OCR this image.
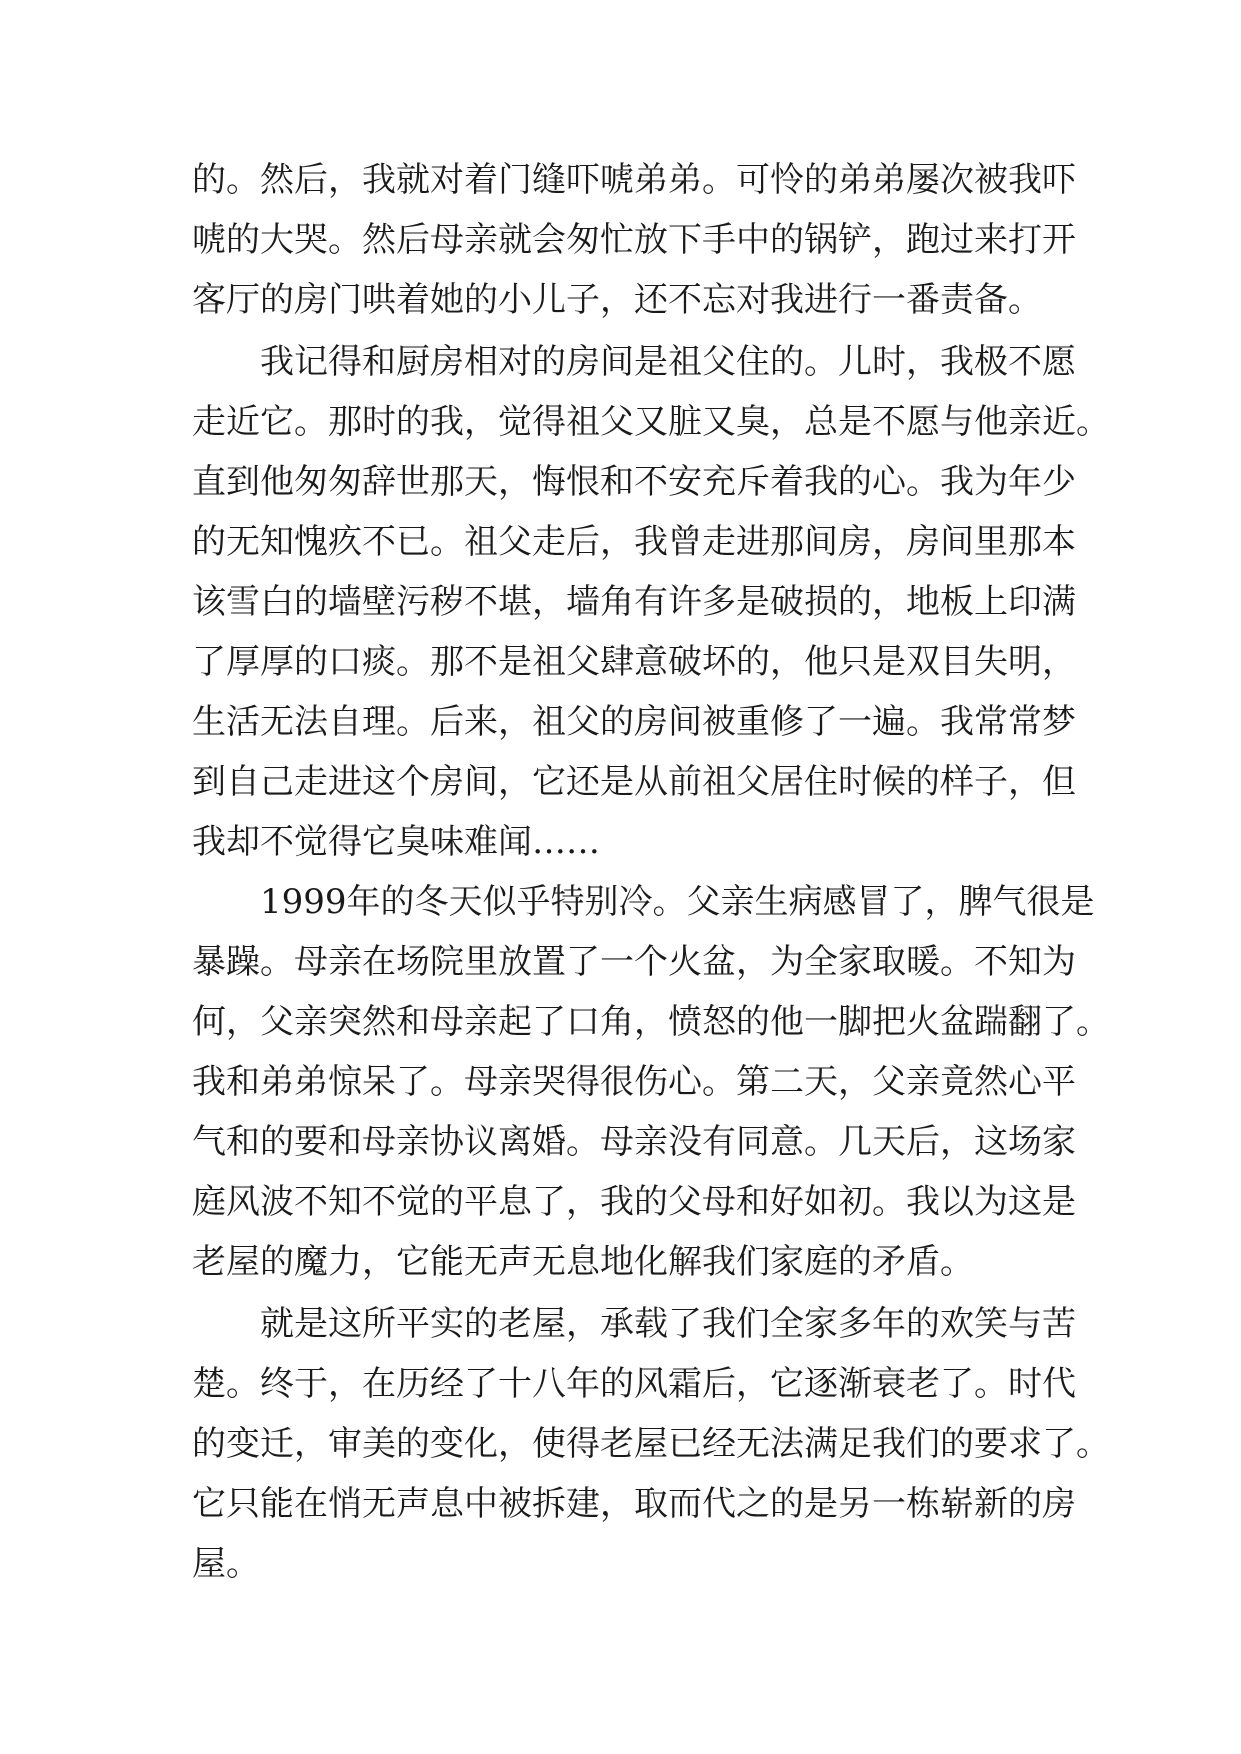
的。然后，我就对着门缝吓唬弟弟。可怜的弟弟屡次被我吓
唬的大哭。然后母亲就会匆忙放下手中的锅铲，跑过来打开
客厅的房门哄着她的小儿子，还不忘对我进行一番责备。
我记得和厨房相对的房间是祖父住的。儿时，我极不愿
走近它。那时的我，觉得祖父又脏又臭，总是不愿与他亲近。
直到他匆匆辞世那天，悔恨和不安充斥着我的心。我为年少
的无知愧疚不已。祖父走后，我曾走进那间房，房间里那本
该雪白的墙壁污秽不堪，墙角有许多是破损的，地板上印满
了厚厚的口痰。那不是祖父肆意破坏的，他只是双目失明，
生活无法自理。后来，祖父的房间被重修了一遍。我常常梦
到自己走进这个房间，它还是从前祖父居住时候的样子，但
我却不觉得它臭味难闻……
1999年的冬天似乎特别冷。父亲生病感冒了，脾气很是
暴躁。母亲在场院里放置了一个火盆，为全家取暖。不知为
何，父亲突然和母亲起了口角，愤怒的他一脚把火盆踹翻了。
我和弟弟惊呆了。母亲哭得很伤心。第二天，父亲竟然心平
气和的要和母亲协议离婚。母亲没有同意。几天后，这场家
庭风波不知不觉的平息了，我的父母和好如初。我以为这是
老屋的魔力，它能无声无息地化解我们家庭的矛盾。
就是这所平实的老屋，承载了我们全家多年的欢笑与苦
楚。终于，在历经了十八年的风霜后，它逐渐衰老了。时代
的变迁，审美的变化，使得老屋已经无法满足我们的要求了。
它只能在悄无声息中被拆建，取而代之的是另一栋崭新的房
屋。
